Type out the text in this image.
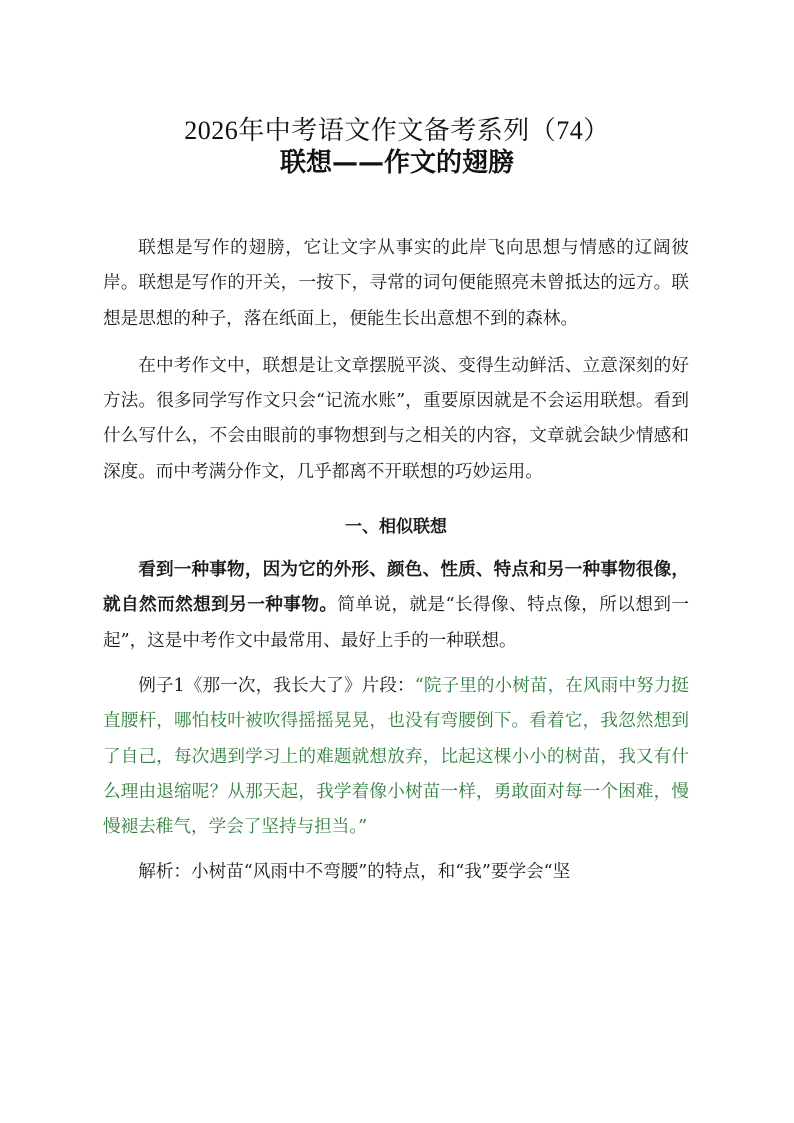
2026年中考语文作文备考系列（74）
联想——作文的翅膀

联想是写作的翅膀，它让文字从事实的此岸飞向思想与情感的辽阔彼岸。联想是写作的开关，一按下，寻常的词句便能照亮未曾抵达的远方。联想是思想的种子，落在纸面上，便能生长出意想不到的森林。

在中考作文中，联想是让文章摆脱平淡、变得生动鲜活、立意深刻的好方法。很多同学写作文只会“记流水账”，重要原因就是不会运用联想。看到什么写什么，不会由眼前的事物想到与之相关的内容，文章就会缺少情感和深度。而中考满分作文，几乎都离不开联想的巧妙运用。

一、相似联想

看到一种事物，因为它的外形、颜色、性质、特点和另一种事物很像，就自然而然想到另一种事物。简单说，就是“长得像、特点像，所以想到一起”，这是中考作文中最常用、最好上手的一种联想。

例子1《那一次，我长大了》片段：“院子里的小树苗，在风雨中努力挺直腰杆，哪怕枝叶被吹得摇摇晃晃，也没有弯腰倒下。看着它，我忽然想到了自己，每次遇到学习上的难题就想放弃，比起这棵小小的树苗，我又有什么理由退缩呢？从那天起，我学着像小树苗一样，勇敢面对每一个困难，慢慢褪去稚气，学会了坚持与担当。”

解析：小树苗“风雨中不弯腰”的特点，和“我”要学会“坚
